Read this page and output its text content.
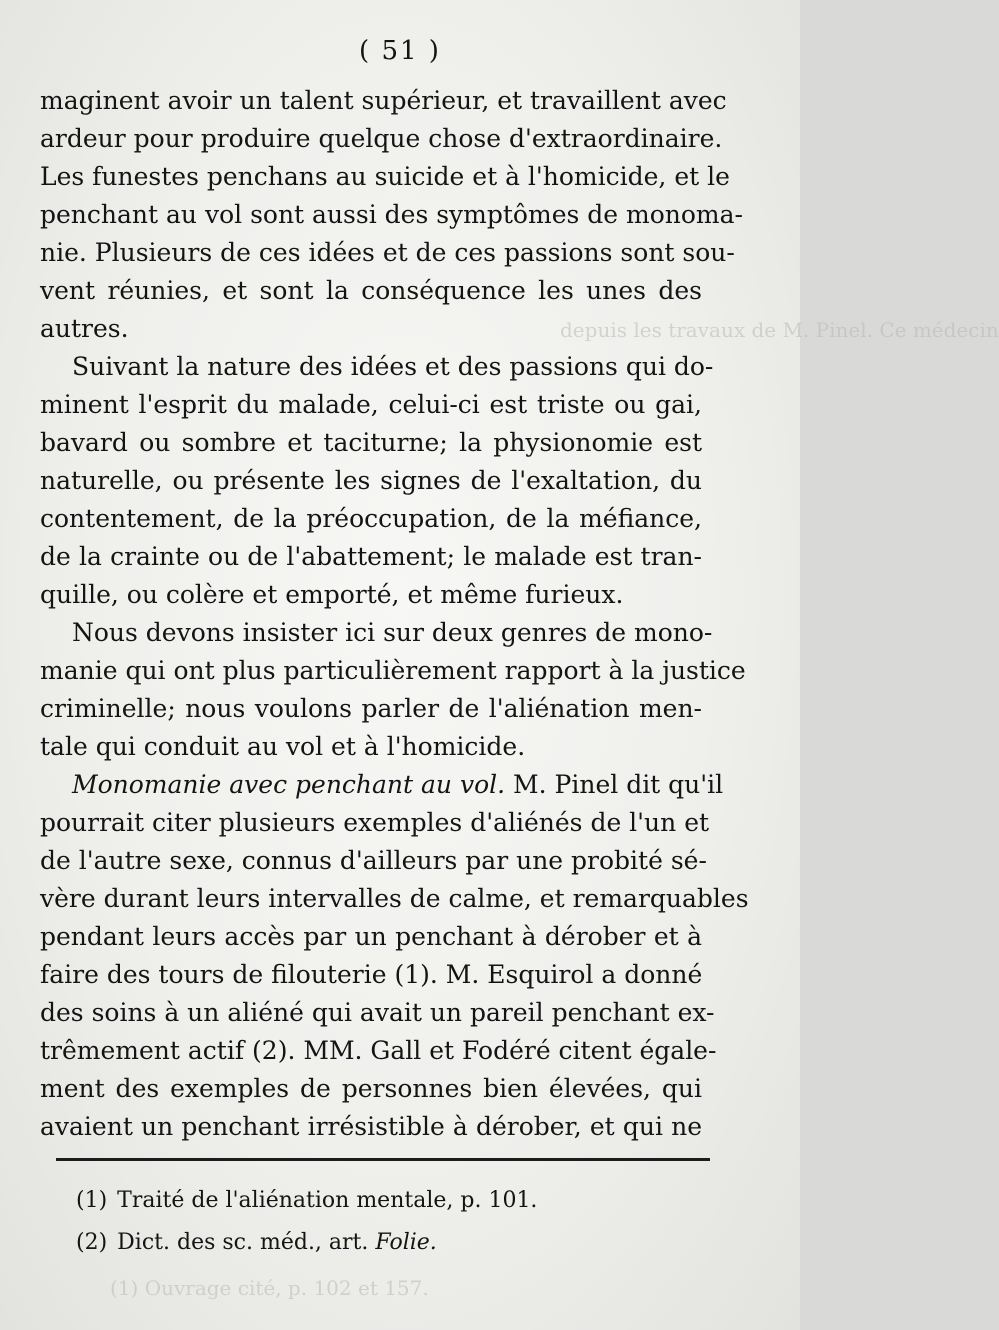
depuis les travaux de M. Pinel. Ce médecin
(1) Ouvrage cité, p. 102 et 157.
( 51 )
maginent avoir un talent supérieur, et travaillent avec
ardeur pour produire quelque chose d'extraordinaire.
Les funestes penchans au suicide et à l'homicide, et le
penchant au vol sont aussi des symptômes de monoma-
nie. Plusieurs de ces idées et de ces passions sont sou-
vent réunies, et sont la conséquence les unes des
autres.
Suivant la nature des idées et des passions qui do-
minent l'esprit du malade, celui-ci est triste ou gai,
bavard ou sombre et taciturne; la physionomie est
naturelle, ou présente les signes de l'exaltation, du
contentement, de la préoccupation, de la méfiance,
de la crainte ou de l'abattement; le malade est tran-
quille, ou colère et emporté, et même furieux.
Nous devons insister ici sur deux genres de mono-
manie qui ont plus particulièrement rapport à la justice
criminelle; nous voulons parler de l'aliénation men-
tale qui conduit au vol et à l'homicide.
Monomanie avec penchant au vol. M. Pinel dit qu'il
pourrait citer plusieurs exemples d'aliénés de l'un et
de l'autre sexe, connus d'ailleurs par une probité sé-
vère durant leurs intervalles de calme, et remarquables
pendant leurs accès par un penchant à dérober et à
faire des tours de filouterie (1). M. Esquirol a donné
des soins à un aliéné qui avait un pareil penchant ex-
trêmement actif (2). MM. Gall et Fodéré citent égale-
ment des exemples de personnes bien élevées, qui
avaient un penchant irrésistible à dérober, et qui ne
(1) Traité de l'aliénation mentale, p. 101.
(2) Dict. des sc. méd., art. Folie.
